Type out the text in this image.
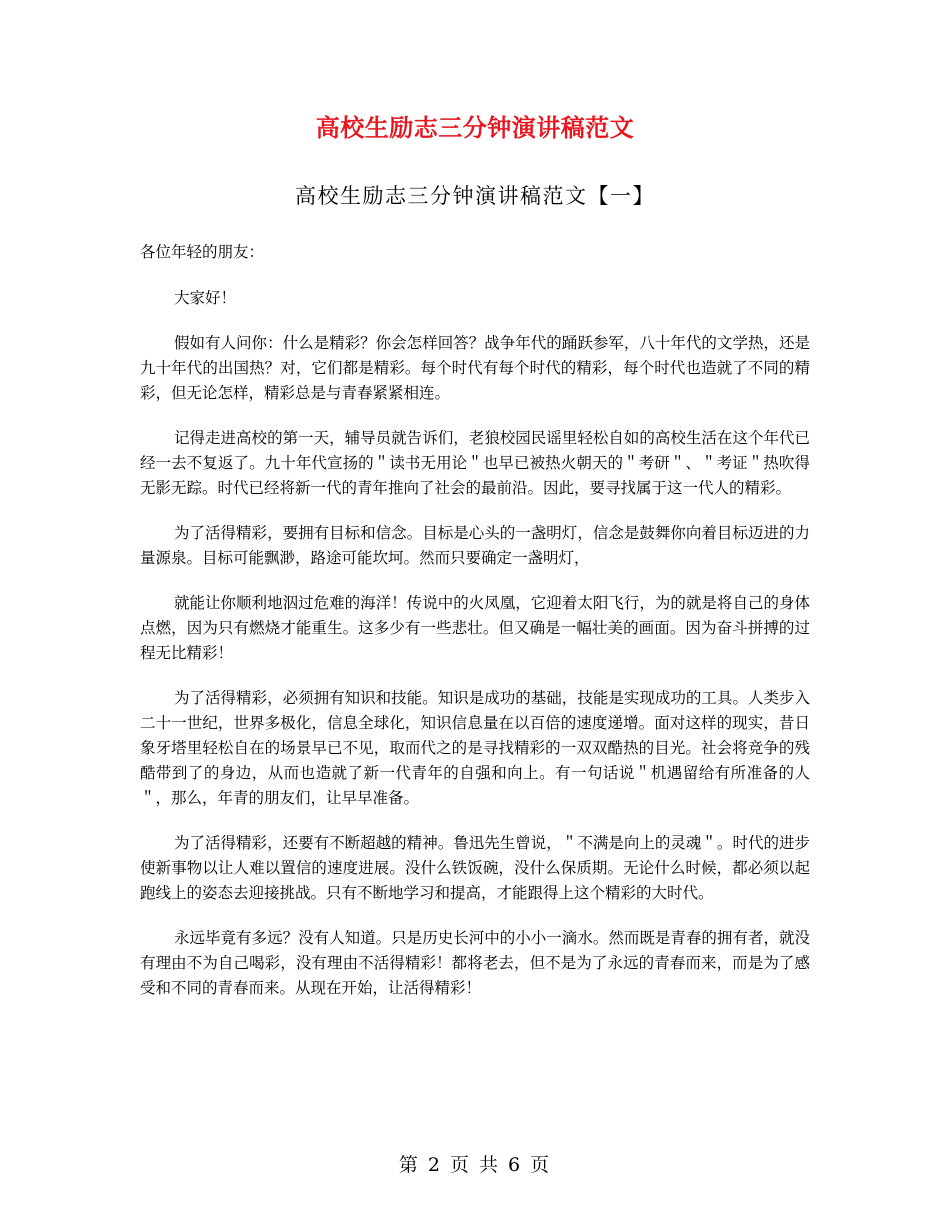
高校生励志三分钟演讲稿范文
高校生励志三分钟演讲稿范文【一】

各位年轻的朋友：

大家好！

假如有人问你：什么是精彩？你会怎样回答？战争年代的踊跃参军，八十年代的文学热，还是九十年代的出国热？对，它们都是精彩。每个时代有每个时代的精彩，每个时代也造就了不同的精彩，但无论怎样，精彩总是与青春紧紧相连。

记得走进高校的第一天，辅导员就告诉们，老狼校园民谣里轻松自如的高校生活在这个年代已经一去不复返了。九十年代宣扬的＂读书无用论＂也早已被热火朝天的＂考研＂、＂考证＂热吹得无影无踪。时代已经将新一代的青年推向了社会的最前沿。因此，要寻找属于这一代人的精彩。

为了活得精彩，要拥有目标和信念。目标是心头的一盏明灯，信念是鼓舞你向着目标迈进的力量源泉。目标可能飘渺，路途可能坎坷。然而只要确定一盏明灯，

就能让你顺利地泅过危难的海洋！传说中的火凤凰，它迎着太阳飞行，为的就是将自己的身体点燃，因为只有燃烧才能重生。这多少有一些悲壮。但又确是一幅壮美的画面。因为奋斗拼搏的过程无比精彩！

为了活得精彩，必须拥有知识和技能。知识是成功的基础，技能是实现成功的工具。人类步入二十一世纪，世界多极化，信息全球化，知识信息量在以百倍的速度递增。面对这样的现实，昔日象牙塔里轻松自在的场景早已不见，取而代之的是寻找精彩的一双双酷热的目光。社会将竞争的残酷带到了的身边，从而也造就了新一代青年的自强和向上。有一句话说＂机遇留给有所准备的人＂，那么，年青的朋友们，让早早准备。

为了活得精彩，还要有不断超越的精神。鲁迅先生曾说，＂不满是向上的灵魂＂。时代的进步使新事物以让人难以置信的速度进展。没什么铁饭碗，没什么保质期。无论什么时候，都必须以起跑线上的姿态去迎接挑战。只有不断地学习和提高，才能跟得上这个精彩的大时代。

永远毕竟有多远？没有人知道。只是历史长河中的小小一滴水。然而既是青春的拥有者，就没有理由不为自己喝彩，没有理由不活得精彩！都将老去，但不是为了永远的青春而来，而是为了感受和不同的青春而来。从现在开始，让活得精彩！

第 2 页 共 6 页
